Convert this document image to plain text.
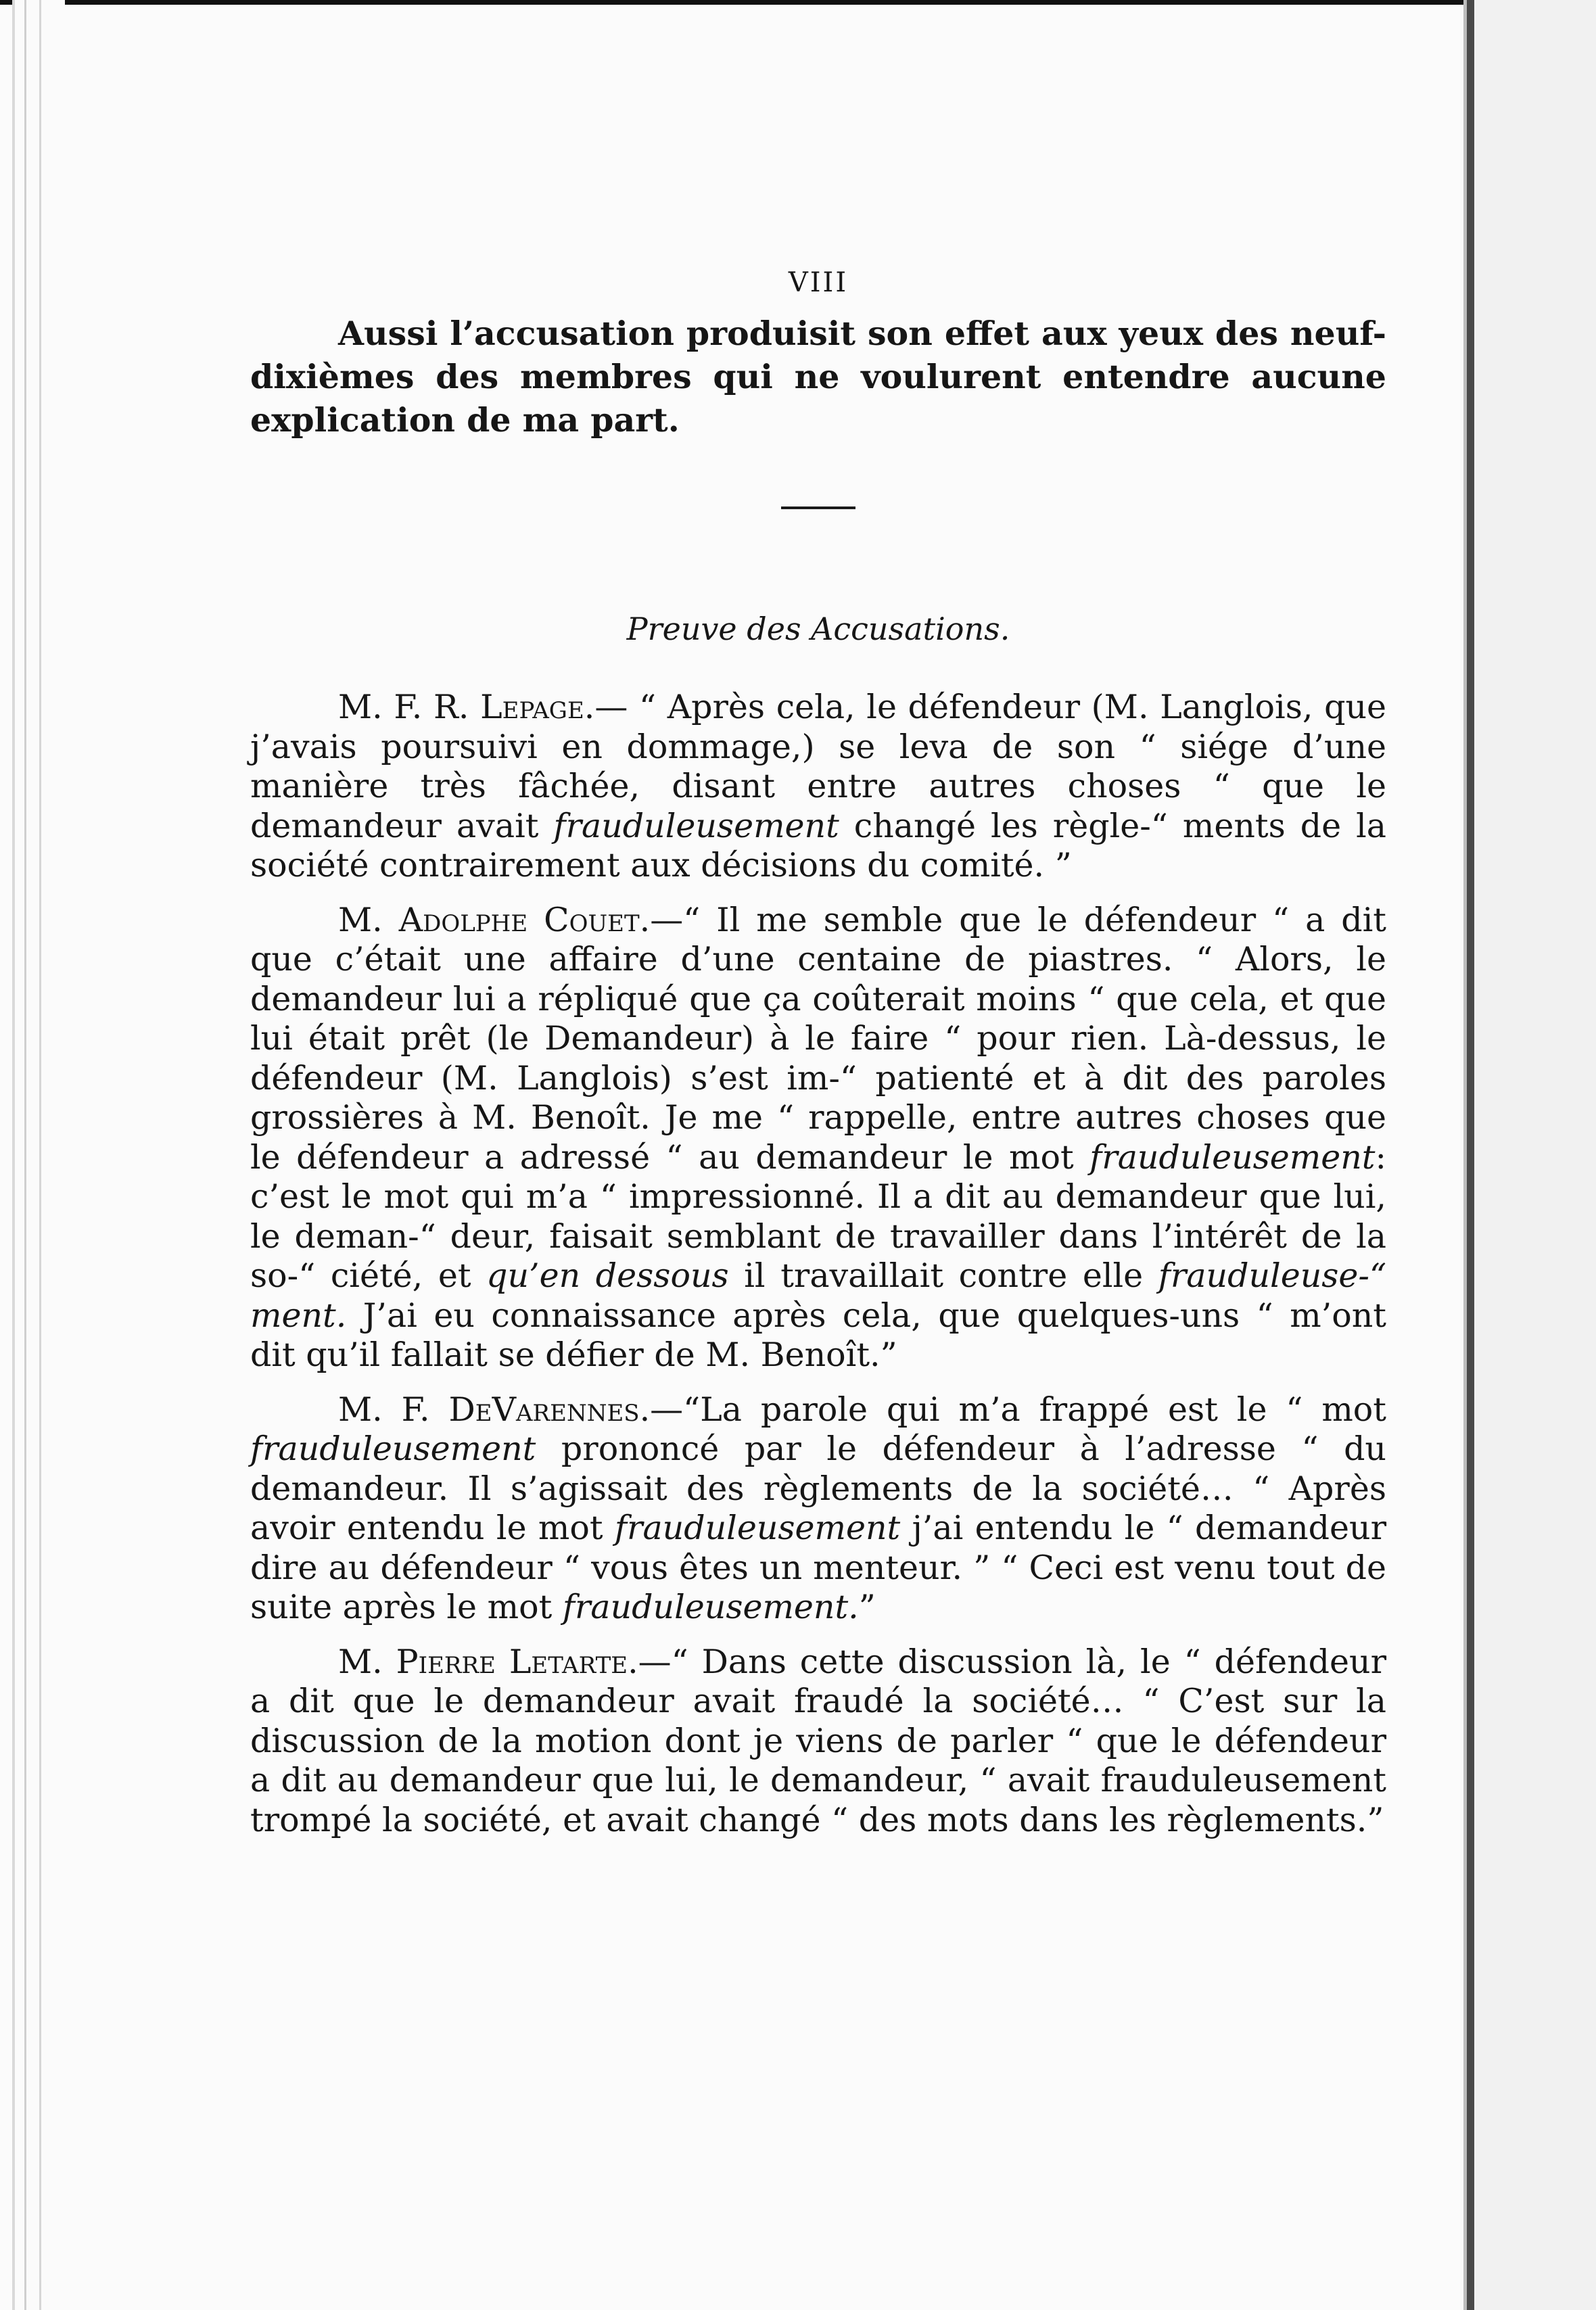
VIII

Aussi l’accusation produisit son effet aux yeux des neuf-dixièmes des membres qui ne voulurent entendre aucune explication de ma part.

Preuve des Accusations.

M. F. R. Lepage.— “ Après cela, le défendeur (M. Langlois, que j’avais poursuivi en dommage,) se leva de son “ siége d’une manière très fâchée, disant entre autres choses “ que le demandeur avait frauduleusement changé les règle-“ ments de la société contrairement aux décisions du comité. ”

M. Adolphe Couet.—“ Il me semble que le défendeur “ a dit que c’était une affaire d’une centaine de piastres. “ Alors, le demandeur lui a répliqué que ça coûterait moins “ que cela, et que lui était prêt (le Demandeur) à le faire “ pour rien. Là-dessus, le défendeur (M. Langlois) s’est im-“ patienté et à dit des paroles grossières à M. Benoît. Je me “ rappelle, entre autres choses que le défendeur a adressé “ au demandeur le mot frauduleusement: c’est le mot qui m’a “ impressionné. Il a dit au demandeur que lui, le deman-“ deur, faisait semblant de travailler dans l’intérêt de la so-“ ciété, et qu’en dessous il travaillait contre elle frauduleuse-“ ment. J’ai eu connaissance après cela, que quelques-uns “ m’ont dit qu’il fallait se défier de M. Benoît.”

M. F. DeVarennes.—“La parole qui m’a frappé est le “ mot frauduleusement prononcé par le défendeur à l’adresse “ du demandeur. Il s’agissait des règlements de la société… “ Après avoir entendu le mot frauduleusement j’ai entendu le “ demandeur dire au défendeur “ vous êtes un menteur. ” “ Ceci est venu tout de suite après le mot frauduleusement.”

M. Pierre Letarte.—“ Dans cette discussion là, le “ défendeur a dit que le demandeur avait fraudé la société… “ C’est sur la discussion de la motion dont je viens de parler “ que le défendeur a dit au demandeur que lui, le demandeur, “ avait frauduleusement trompé la société, et avait changé “ des mots dans les règlements.”
